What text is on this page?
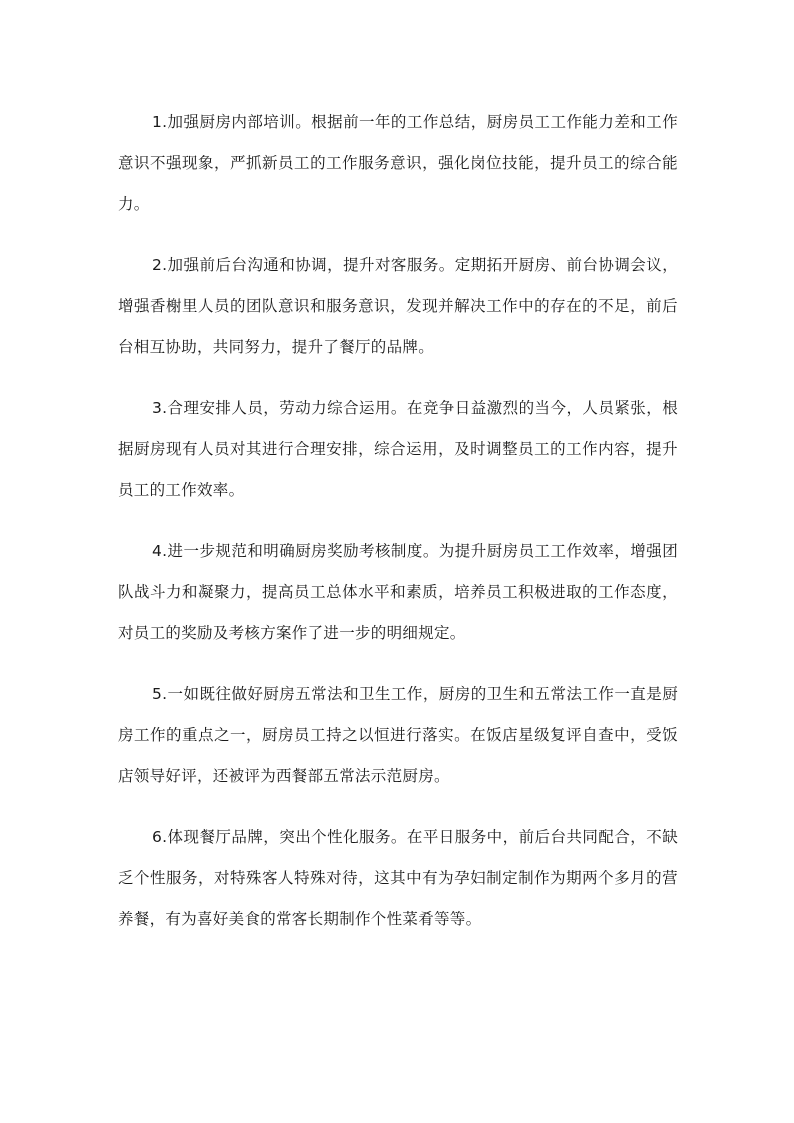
1.加强厨房内部培训。根据前一年的工作总结，厨房员工工作能力差和工作意识不强现象，严抓新员工的工作服务意识，强化岗位技能，提升员工的综合能力。

2.加强前后台沟通和协调，提升对客服务。定期拓开厨房、前台协调会议，增强香榭里人员的团队意识和服务意识，发现并解决工作中的存在的不足，前后台相互协助，共同努力，提升了餐厅的品牌。

3.合理安排人员，劳动力综合运用。在竞争日益激烈的当今，人员紧张，根据厨房现有人员对其进行合理安排，综合运用，及时调整员工的工作内容，提升员工的工作效率。

4.进一步规范和明确厨房奖励考核制度。为提升厨房员工工作效率，增强团队战斗力和凝聚力，提高员工总体水平和素质，培养员工积极进取的工作态度，对员工的奖励及考核方案作了进一步的明细规定。

5.一如既往做好厨房五常法和卫生工作，厨房的卫生和五常法工作一直是厨房工作的重点之一，厨房员工持之以恒进行落实。在饭店星级复评自查中，受饭店领导好评，还被评为西餐部五常法示范厨房。

6.体现餐厅品牌，突出个性化服务。在平日服务中，前后台共同配合，不缺乏个性服务，对特殊客人特殊对待，这其中有为孕妇制定制作为期两个多月的营养餐，有为喜好美食的常客长期制作个性菜肴等等。
